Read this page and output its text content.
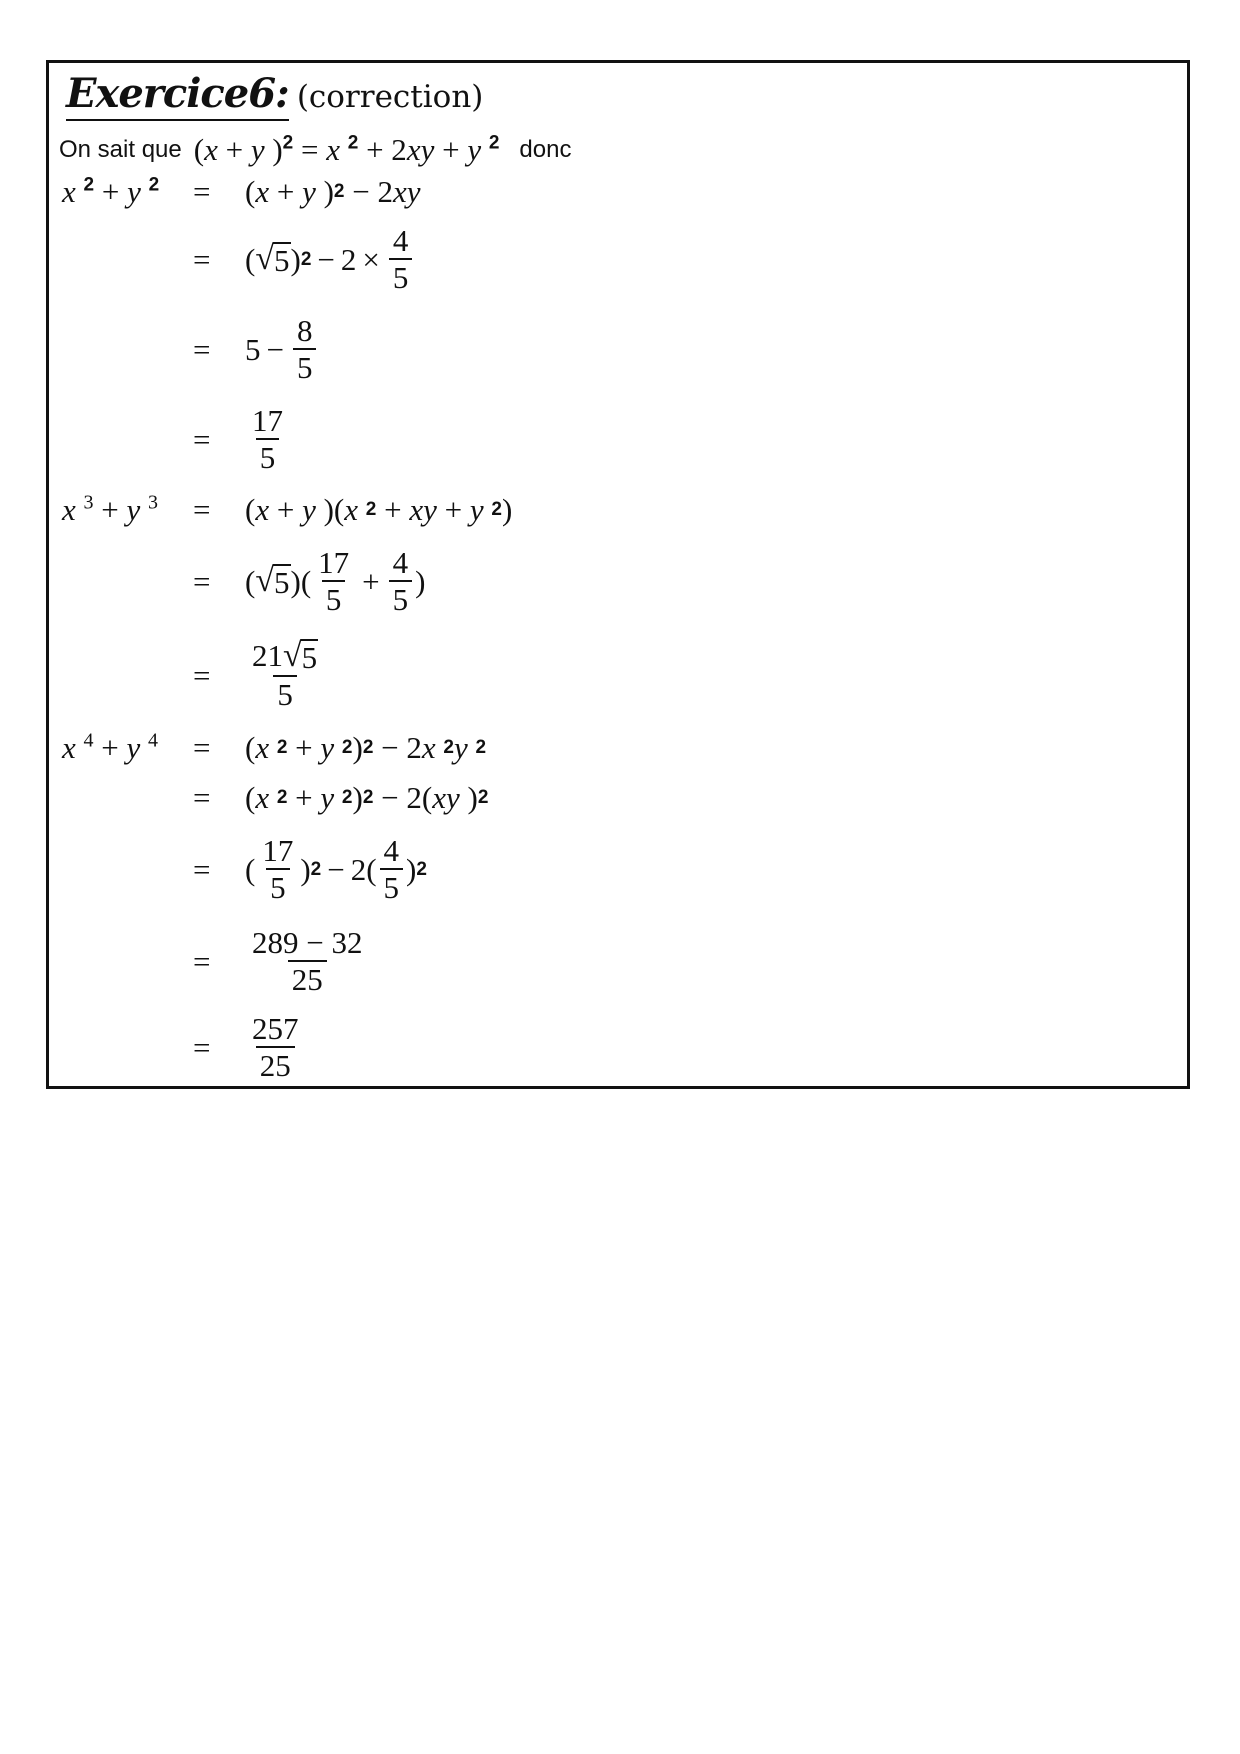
Exercice6: (correction)
On sait que (x + y )$^2$ = x $^2$ + 2xy + y $^2$ donc
x $^2$ + y $^2$ = ( x + y ) 2 − 2 xy
= ( √ 5 ) $2 - 2 \times \frac{4}{5}$
= $5 - \frac{8}{5}$
= $\frac{17}{5}$
x $^3$ + y $^3$ = ( x + y )( x
2 + xy + y
2 )
= ( √ 5 )( $\frac{17}{5} + \frac{4}{5}$ )
= $\frac{21 √ 5}{5}$
x $^4$ + y $^4$ = ( x
2 + y
2 ) 2 − 2 x
2 y
2
= ( x
2 + y
2 ) 2 − 2( xy ) 2
= ( $\frac{17}{5}$ ) $2 - 2( \frac{4}{5}$ ) 2
= $\frac{289 - 32}{25}$
= $\frac{257}{25}$
